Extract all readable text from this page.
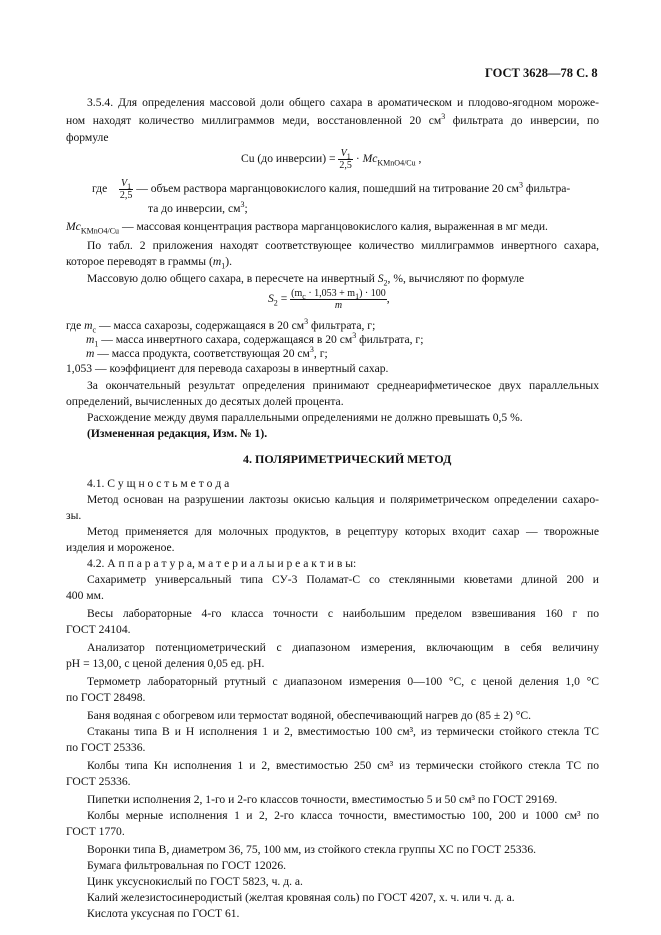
ГОСТ 3628—78 С. 8
3.5.4. Для определения массовой доли общего сахара в ароматическом и плодово-ягодном мороже-
ном находят количество миллиграммов меди, восстановленной 20 $см^3$ фильтрата до инверсии, по
формуле
Cu (до инверсии) = $\frac{V_1}{2,5} \cdot Mc_{KMnO4/Cu}$ ,
где $\frac{V_1}{2,5}$ — объем раствора марганцовокислого калия, пошедший на титрование 20 $см^3$ фильтра-
та до инверсии, $см^3$;
$Mc_{KMnO4/Cu}$ — массовая концентрация раствора марганцовокислого калия, выраженная в мг меди.
По табл. 2 приложения находят соответствующее количество миллиграммов инвертного сахара,
которое переводят в граммы $(m_1)$.
Массовую долю общего сахара, в пересчете на инвертный $S_2$, %, вычисляют по формуле
$S_2 = \frac{(m_c \cdot 1,053 + m_1) \cdot 100}{m}$ ,
где $m_c$ — масса сахарозы, содержащаяся в 20 $см^3$ фильтрата, г;
$m_1$ — масса инвертного сахара, содержащаяся в 20 $см^3$ фильтрата, г;
m — масса продукта, соответствующая 20 $см^3$, г;
1,053 — коэффициент для перевода сахарозы в инвертный сахар.
За окончательный результат определения принимают среднеарифметическое двух параллельных
определений, вычисленных до десятых долей процента.
Расхождение между двумя параллельными определениями не должно превышать 0,5 %.
(Измененная редакция, Изм. № 1).
4. ПОЛЯРИМЕТРИЧЕСКИЙ МЕТОД
4.1. С у щ н о с т ь м е т о д а
Метод основан на разрушении лактозы окисью кальция и поляриметрическом определении сахаро-
зы.
Метод применяется для молочных продуктов, в рецептуру которых входит сахар — творожные
изделия и мороженое.
4.2. А п п а р а т у р а, м а т е р и а л ы и р е а к т и в ы:
Сахариметр универсальный типа СУ-3 Поламат-С со стеклянными кюветами длиной 200 и
400 мм.
Весы лабораторные 4-го класса точности с наибольшим пределом взвешивания 160 г по
ГОСТ 24104.
Анализатор потенциометрический с диапазоном измерения, включающим в себя величину
pH = 13,00, с ценой деления 0,05 ед. pH.
Термометр лабораторный ртутный с диапазоном измерения 0—100 °С, с ценой деления 1,0 °С
по ГОСТ 28498.
Баня водяная с обогревом или термостат водяной, обеспечивающий нагрев до (85 ± 2) °С.
Стаканы типа В и Н исполнения 1 и 2, вместимостью 100 см³, из термически стойкого стекла ТС
по ГОСТ 25336.
Колбы типа Кн исполнения 1 и 2, вместимостью 250 см³ из термически стойкого стекла ТС по
ГОСТ 25336.
Пипетки исполнения 2, 1-го и 2-го классов точности, вместимостью 5 и 50 см³ по ГОСТ 29169.
Колбы мерные исполнения 1 и 2, 2-го класса точности, вместимостью 100, 200 и 1000 см³ по
ГОСТ 1770.
Воронки типа В, диаметром 36, 75, 100 мм, из стойкого стекла группы ХС по ГОСТ 25336.
Бумага фильтровальная по ГОСТ 12026.
Цинк уксуснокислый по ГОСТ 5823, ч. д. а.
Калий железистосинеродистый (желтая кровяная соль) по ГОСТ 4207, х. ч. или ч. д. а.
Кислота уксусная по ГОСТ 61.
